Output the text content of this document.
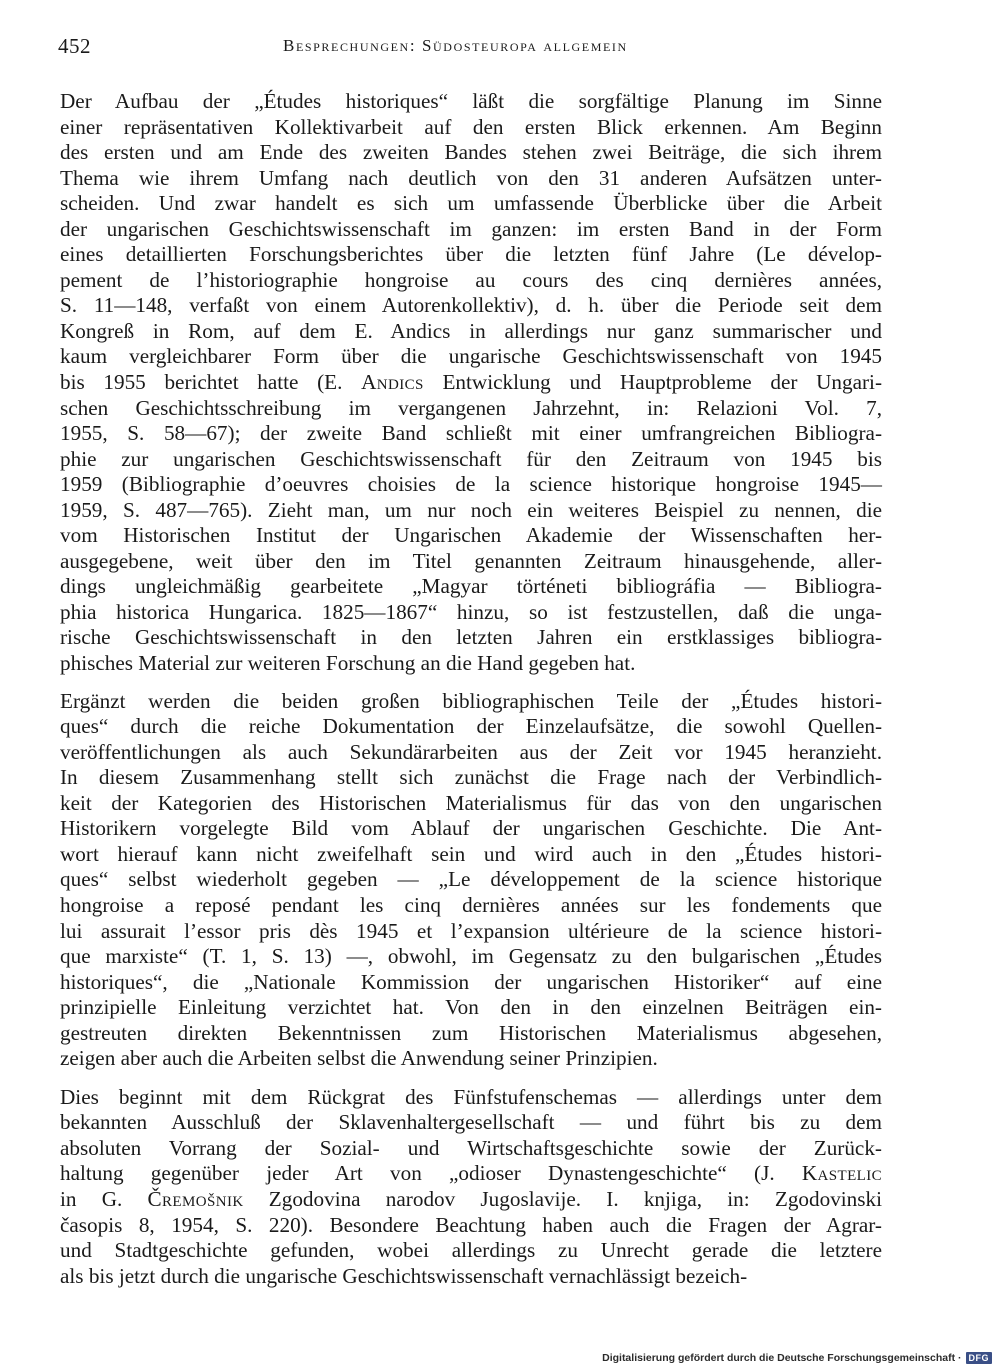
452	Besprechungen: Südosteuropa allgemein
Der Aufbau der „Études historiques“ läßt die sorgfältige Planung im Sinne
einer repräsentativen Kollektivarbeit auf den ersten Blick erkennen. Am Beginn
des ersten und am Ende des zweiten Bandes stehen zwei Beiträge, die sich ihrem
Thema wie ihrem Umfang nach deutlich von den 31 anderen Aufsätzen unter-
scheiden. Und zwar handelt es sich um umfassende Überblicke über die Arbeit
der ungarischen Geschichtswissenschaft im ganzen: im ersten Band in der Form
eines detaillierten Forschungsberichtes über die letzten fünf Jahre (Le dévelop-
pement de l’historiographie hongroise au cours des cinq dernières années,
S. 11—148, verfaßt von einem Autorenkollektiv), d. h. über die Periode seit dem
Kongreß in Rom, auf dem E. Andics in allerdings nur ganz summarischer und
kaum vergleichbarer Form über die ungarische Geschichtswissenschaft von 1945
bis 1955 berichtet hatte (E. Andics Entwicklung und Hauptprobleme der Ungari-
schen Geschichtsschreibung im vergangenen Jahrzehnt, in: Relazioni Vol. 7,
1955, S. 58—67); der zweite Band schließt mit einer umfrangreichen Bibliogra-
phie zur ungarischen Geschichtswissenschaft für den Zeitraum von 1945 bis
1959 (Bibliographie d’oeuvres choisies de la science historique hongroise 1945—
1959, S. 487—765). Zieht man, um nur noch ein weiteres Beispiel zu nennen, die
vom Historischen Institut der Ungarischen Akademie der Wissenschaften her-
ausgegebene, weit über den im Titel genannten Zeitraum hinausgehende, aller-
dings ungleichmäßig gearbeitete „Magyar történeti bibliográfia — Bibliogra-
phia historica Hungarica. 1825—1867“ hinzu, so ist festzustellen, daß die unga-
rische Geschichtswissenschaft in den letzten Jahren ein erstklassiges bibliogra-
phisches Material zur weiteren Forschung an die Hand gegeben hat.
Ergänzt werden die beiden großen bibliographischen Teile der „Études histori-
ques“ durch die reiche Dokumentation der Einzelaufsätze, die sowohl Quellen-
veröffentlichungen als auch Sekundärarbeiten aus der Zeit vor 1945 heranzieht.
In diesem Zusammenhang stellt sich zunächst die Frage nach der Verbindlich-
keit der Kategorien des Historischen Materialismus für das von den ungarischen
Historikern vorgelegte Bild vom Ablauf der ungarischen Geschichte. Die Ant-
wort hierauf kann nicht zweifelhaft sein und wird auch in den „Études histori-
ques“ selbst wiederholt gegeben — „Le développement de la science historique
hongroise a reposé pendant les cinq dernières années sur les fondements que
lui assurait l’essor pris dès 1945 et l’expansion ultérieure de la science histori-
que marxiste“ (T. 1, S. 13) —, obwohl, im Gegensatz zu den bulgarischen „Études
historiques“, die „Nationale Kommission der ungarischen Historiker“ auf eine
prinzipielle Einleitung verzichtet hat. Von den in den einzelnen Beiträgen ein-
gestreuten direkten Bekenntnissen zum Historischen Materialismus abgesehen,
zeigen aber auch die Arbeiten selbst die Anwendung seiner Prinzipien.
Dies beginnt mit dem Rückgrat des Fünfstufenschemas — allerdings unter dem
bekannten Ausschluß der Sklavenhaltergesellschaft — und führt bis zu dem
absoluten Vorrang der Sozial- und Wirtschaftsgeschichte sowie der Zurück-
haltung gegenüber jeder Art von „odioser Dynastengeschichte“ (J. Kastelic
in G. Čremošnik Zgodovina narodov Jugoslavije. I. knjiga, in: Zgodovinski
časopis 8, 1954, S. 220). Besondere Beachtung haben auch die Fragen der Agrar-
und Stadtgeschichte gefunden, wobei allerdings zu Unrecht gerade die letztere
als bis jetzt durch die ungarische Geschichtswissenschaft vernachlässigt bezeich-
Digitalisierung gefördert durch die Deutsche Forschungsgemeinschaft · DFG
